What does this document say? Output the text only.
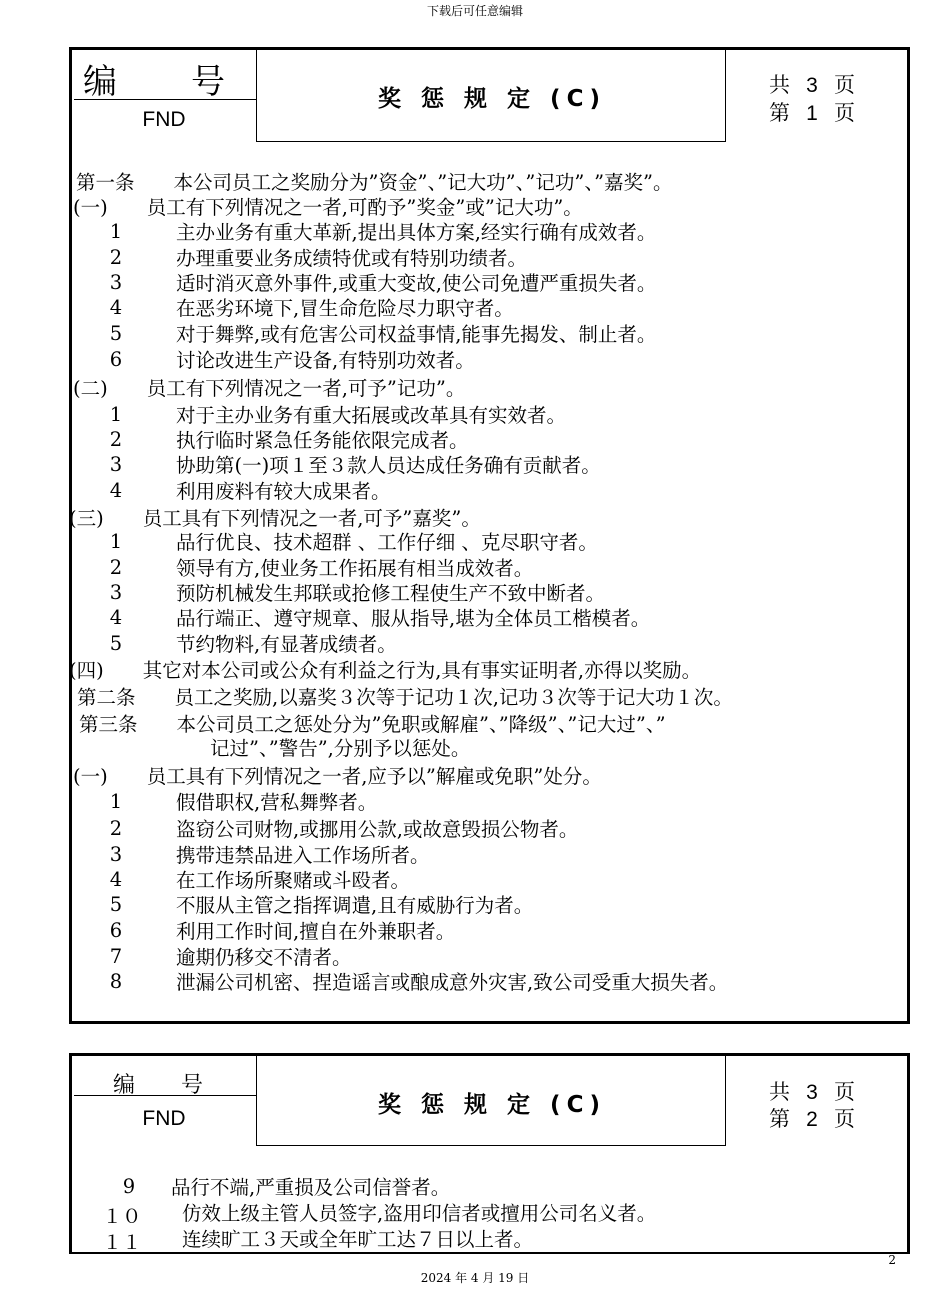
下载后可任意编辑
编　号
FND
奖 惩 规 定 (C)
共 3 页
第 1 页
第一条　　本公司员工之奖励分为”资金”、”记大功”、”记功”、”嘉奖”。
(一)　　员工有下列情况之一者,可酌予”奖金”或”记大功”。
1	主办业务有重大革新,提出具体方案,经实行确有成效者。
2	办理重要业务成绩特优或有特别功绩者。
3	适时消灭意外事件,或重大变故,使公司免遭严重损失者。
4	在恶劣环境下,冒生命危险尽力职守者。
5	对于舞弊,或有危害公司权益事情,能事先揭发、制止者。
6	讨论改进生产设备,有特别功效者。
(二)　　员工有下列情况之一者,可予”记功”。
1	对于主办业务有重大拓展或改革具有实效者。
2	执行临时紧急任务能依限完成者。
3	协助第(一)项１至３款人员达成任务确有贡献者。
4	利用废料有较大成果者。
(三)　　员工具有下列情况之一者,可予”嘉奖”。
1	品行优良、技术超群 、工作仔细 、克尽职守者。
2	领导有方,使业务工作拓展有相当成效者。
3	预防机械发生邦联或抢修工程使生产不致中断者。
4	品行端正、遵守规章、服从指导,堪为全体员工楷模者。
5	节约物料,有显著成绩者。
(四)　　其它对本公司或公众有利益之行为,具有事实证明者,亦得以奖励。
第二条　　员工之奖励,以嘉奖３次等于记功１次,记功３次等于记大功１次。
第三条　　本公司员工之惩处分为”免职或解雇”、”降级”、”记大过”、”
记过”、”警告”,分别予以惩处。
(一)　　员工具有下列情况之一者,应予以”解雇或免职”处分。
1	假借职权,营私舞弊者。
2	盗窃公司财物,或挪用公款,或故意毁损公物者。
3	携带违禁品进入工作场所者。
4	在工作场所聚赌或斗殴者。
5	不服从主管之指挥调遣,且有威胁行为者。
6	利用工作时间,擅自在外兼职者。
7	逾期仍移交不清者。
8	泄漏公司机密、捏造谣言或酿成意外灾害,致公司受重大损失者。
编　号
FND
奖 惩 规 定 (C)	共 3 页
第 2 页
9	品行不端,严重损及公司信誉者。
１０ 仿效上级主管人员签字,盗用印信者或擅用公司名义者。
１１ 连续旷工３天或全年旷工达７日以上者。
2
2024 年 4 月 19 日
